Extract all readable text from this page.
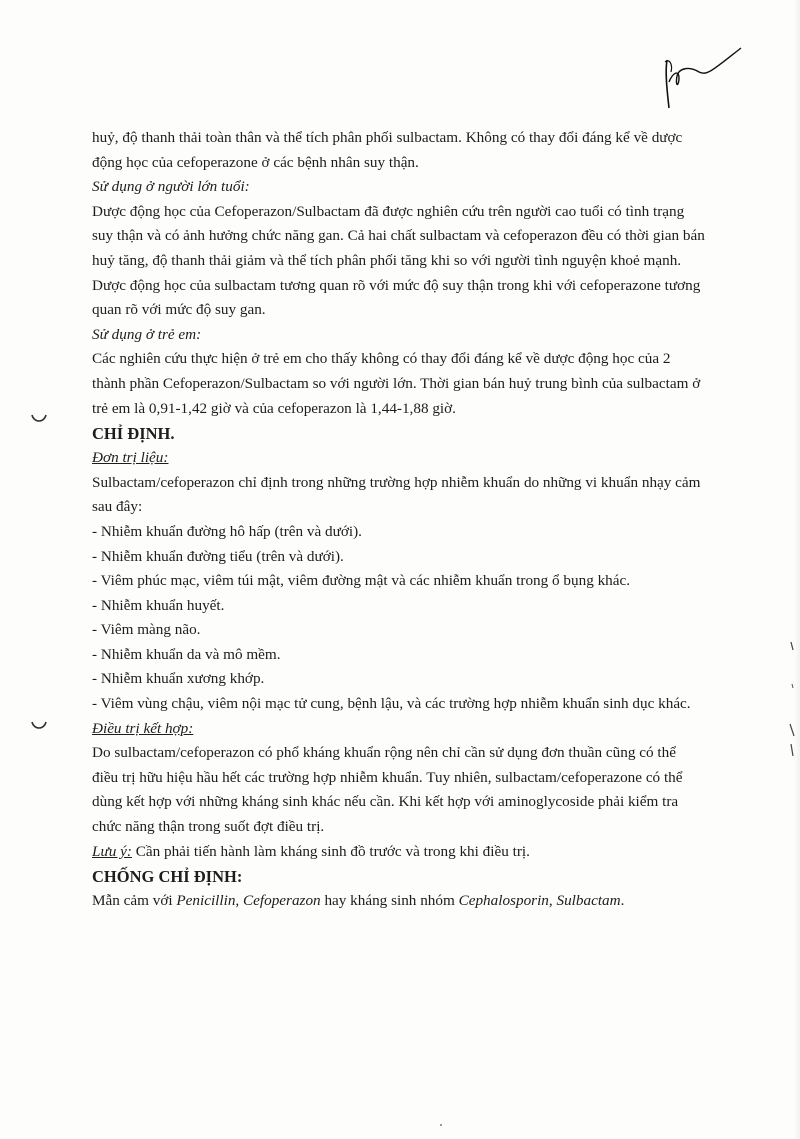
huỷ, độ thanh thải toàn thân và thể tích phân phối sulbactam. Không có thay đổi đáng kể về dược

động học của cefoperazone ở các bệnh nhân suy thận.

Sử dụng ở người lớn tuổi:

Dược động học của Cefoperazon/Sulbactam đã được nghiên cứu trên người cao tuổi có tình trạng

suy thận và có ảnh hưởng chức năng gan. Cả hai chất sulbactam và cefoperazon đều có thời gian bán

huỷ tăng, độ thanh thải giảm và thể tích phân phối tăng khi so với người tình nguyện khoẻ mạnh.

Dược động học của sulbactam tương quan rõ với mức độ suy thận trong khi với cefoperazone tương

quan rõ với mức độ suy gan.

Sử dụng ở trẻ em:

Các nghiên cứu thực hiện ở trẻ em cho thấy không có thay đổi đáng kể về dược động học của 2

thành phần Cefoperazon/Sulbactam so với người lớn. Thời gian bán huỷ trung bình của sulbactam ở

trẻ em là 0,91-1,42 giờ và của cefoperazon là 1,44-1,88 giờ.

CHỈ ĐỊNH.

Đơn trị liệu:

Sulbactam/cefoperazon chỉ định trong những trường hợp nhiễm khuẩn do những vi khuẩn nhạy cảm

sau đây:

- Nhiễm khuẩn đường hô hấp (trên và dưới).

- Nhiễm khuẩn đường tiểu (trên và dưới).

- Viêm phúc mạc, viêm túi mật, viêm đường mật và các nhiễm khuẩn trong ổ bụng khác.

- Nhiễm khuẩn huyết.

- Viêm màng não.

- Nhiễm khuẩn da và mô mềm.

- Nhiễm khuẩn xương khớp.

- Viêm vùng chậu, viêm nội mạc tử cung, bệnh lậu, và các trường hợp nhiễm khuẩn sinh dục khác.

Điều trị kết hợp:

Do sulbactam/cefoperazon có phổ kháng khuẩn rộng nên chỉ cần sử dụng đơn thuần cũng có thể

điều trị hữu hiệu hầu hết các trường hợp nhiễm khuẩn. Tuy nhiên, sulbactam/cefoperazone có thể

dùng kết hợp với những kháng sinh khác nếu cần. Khi kết hợp với aminoglycoside phải kiểm tra

chức năng thận trong suốt đợt điều trị.

Lưu ý: Cần phải tiến hành làm kháng sinh đồ trước và trong khi điều trị.

CHỐNG CHỈ ĐỊNH:

Mẫn cảm với Penicillin, Cefoperazon hay kháng sinh nhóm Cephalosporin, Sulbactam.
